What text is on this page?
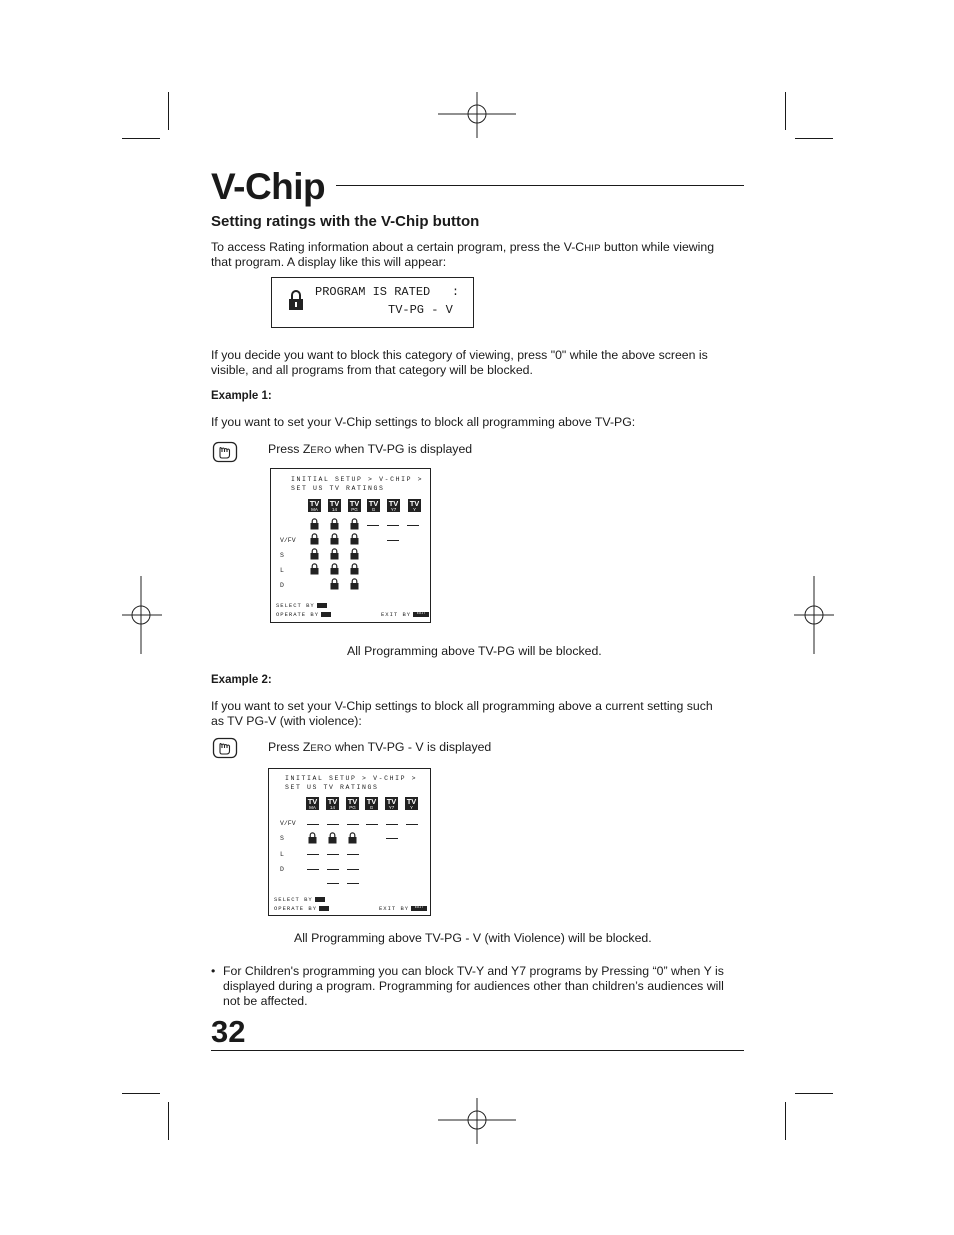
V-Chip
Setting ratings with the V-Chip button
To access Rating information about a certain program, press the V-CHIP button while viewing
that program. A display like this will appear:
PROGRAM IS RATED   :
TV-PG - V
If you decide you want to block this category of viewing, press "0" while the above screen is
visible, and all programs from that category will be blocked.
Example 1:
If you want to set your V-Chip settings to block all programming above TV-PG:
Press ZERO when TV-PG is displayed
INITIAL SETUP > V-CHIP >
SET US TV RATINGS
TV
MA
TV
14
TV
PG
TV
G
TV
Y7
TV
Y
V/FV
S
L
D
SELECT BY
OPERATE BY	EXIT BY EXIT
All Programming above TV-PG will be blocked.
Example 2:
If you want to set your V-Chip settings to block all programming above a current setting such
as TV PG-V (with violence):
Press ZERO when TV-PG - V is displayed
INITIAL SETUP > V-CHIP >
SET US TV RATINGS
TV
MA
TV
14
TV
PG
TV
G
TV
Y7
TV
Y
V/FV
S
L
D
SELECT BY
OPERATE BY	EXIT BY EXIT
All Programming above TV-PG - V (with Violence) will be blocked.
• For Children's programming you can block TV-Y and Y7 programs by Pressing “0” when Y is
displayed during a program. Programming for audiences other than children’s audiences will
not be affected.
32
